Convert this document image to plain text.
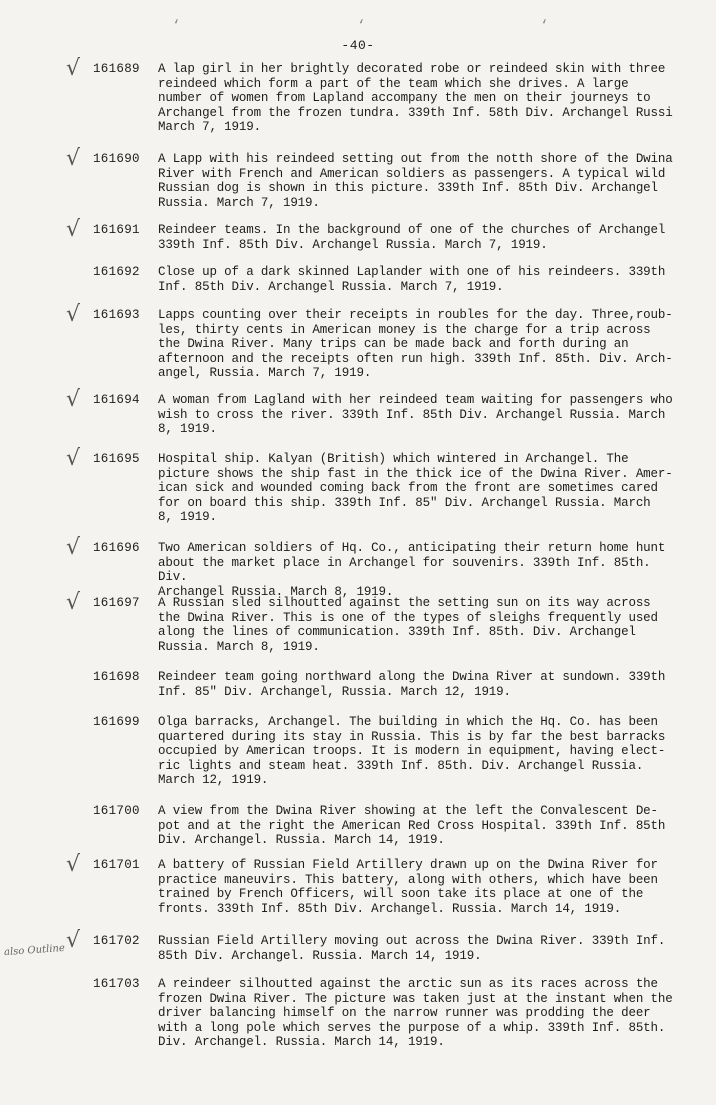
‘	‘	‘
-40-
√ 161689 A lap girl in her brightly decorated robe or reindeed skin with three
reindeed which form a part of the team which she drives. A large
number of women from Lapland accompany the men on their journeys to
Archangel from the frozen tundra. 339th Inf. 58th Div. Archangel Russi
March 7, 1919.
√ 161690 A Lapp with his reindeed setting out from the notth shore of the Dwina
River with French and American soldiers as passengers. A typical wild
Russian dog is shown in this picture. 339th Inf. 85th Div. Archangel
Russia. March 7, 1919.
√ 161691 Reindeer teams. In the background of one of the churches of Archangel
339th Inf. 85th Div. Archangel Russia. March 7, 1919.
161692 Close up of a dark skinned Laplander with one of his reindeers. 339th
Inf. 85th Div. Archangel Russia. March 7, 1919.
√ 161693 Lapps counting over their receipts in roubles for the day. Three,roub-
les, thirty cents in American money is the charge for a trip across
the Dwina River. Many trips can be made back and forth during an
afternoon and the receipts often run high. 339th Inf. 85th. Div. Arch-
angel, Russia. March 7, 1919.
√ 161694 A woman from Lagland with her reindeed team waiting for passengers who
wish to cross the river. 339th Inf. 85th Div. Archangel Russia. March
8, 1919.
√ 161695 Hospital ship. Kalyan (British) which wintered in Archangel. The
picture shows the ship fast in the thick ice of the Dwina River. Amer-
ican sick and wounded coming back from the front are sometimes cared
for on board this ship. 339th Inf. 85" Div. Archangel Russia. March
8, 1919.
√ 161696 Two American soldiers of Hq. Co., anticipating their return home hunt
about the market place in Archangel for souvenirs. 339th Inf. 85th. Div.
Archangel Russia. March 8, 1919.
√ 161697 A Russian sled silhoutted against the setting sun on its way across
the Dwina River. This is one of the types of sleighs frequently used
along the lines of communication. 339th Inf. 85th. Div. Archangel
Russia. March 8, 1919.
161698 Reindeer team going northward along the Dwina River at sundown. 339th
Inf. 85" Div. Archangel, Russia. March 12, 1919.
161699 Olga barracks, Archangel. The building in which the Hq. Co. has been
quartered during its stay in Russia. This is by far the best barracks
occupied by American troops. It is modern in equipment, having elect-
ric lights and steam heat. 339th Inf. 85th. Div. Archangel Russia.
March 12, 1919.
161700 A view from the Dwina River showing at the left the Convalescent De-
pot and at the right the American Red Cross Hospital. 339th Inf. 85th
Div. Archangel. Russia. March 14, 1919.
√ 161701 A battery of Russian Field Artillery drawn up on the Dwina River for
practice maneuvirs. This battery, along with others, which have been
trained by French Officers, will soon take its place at one of the
fronts. 339th Inf. 85th Div. Archangel. Russia. March 14, 1919.
√ 161702 Russian Field Artillery moving out across the Dwina River. 339th Inf.
85th Div. Archangel. Russia. March 14, 1919.
161703 A reindeer silhoutted against the arctic sun as its races across the
frozen Dwina River. The picture was taken just at the instant when the
driver balancing himself on the narrow runner was prodding the deer
with a long pole which serves the purpose of a whip. 339th Inf. 85th.
Div. Archangel. Russia. March 14, 1919.
also Outline
